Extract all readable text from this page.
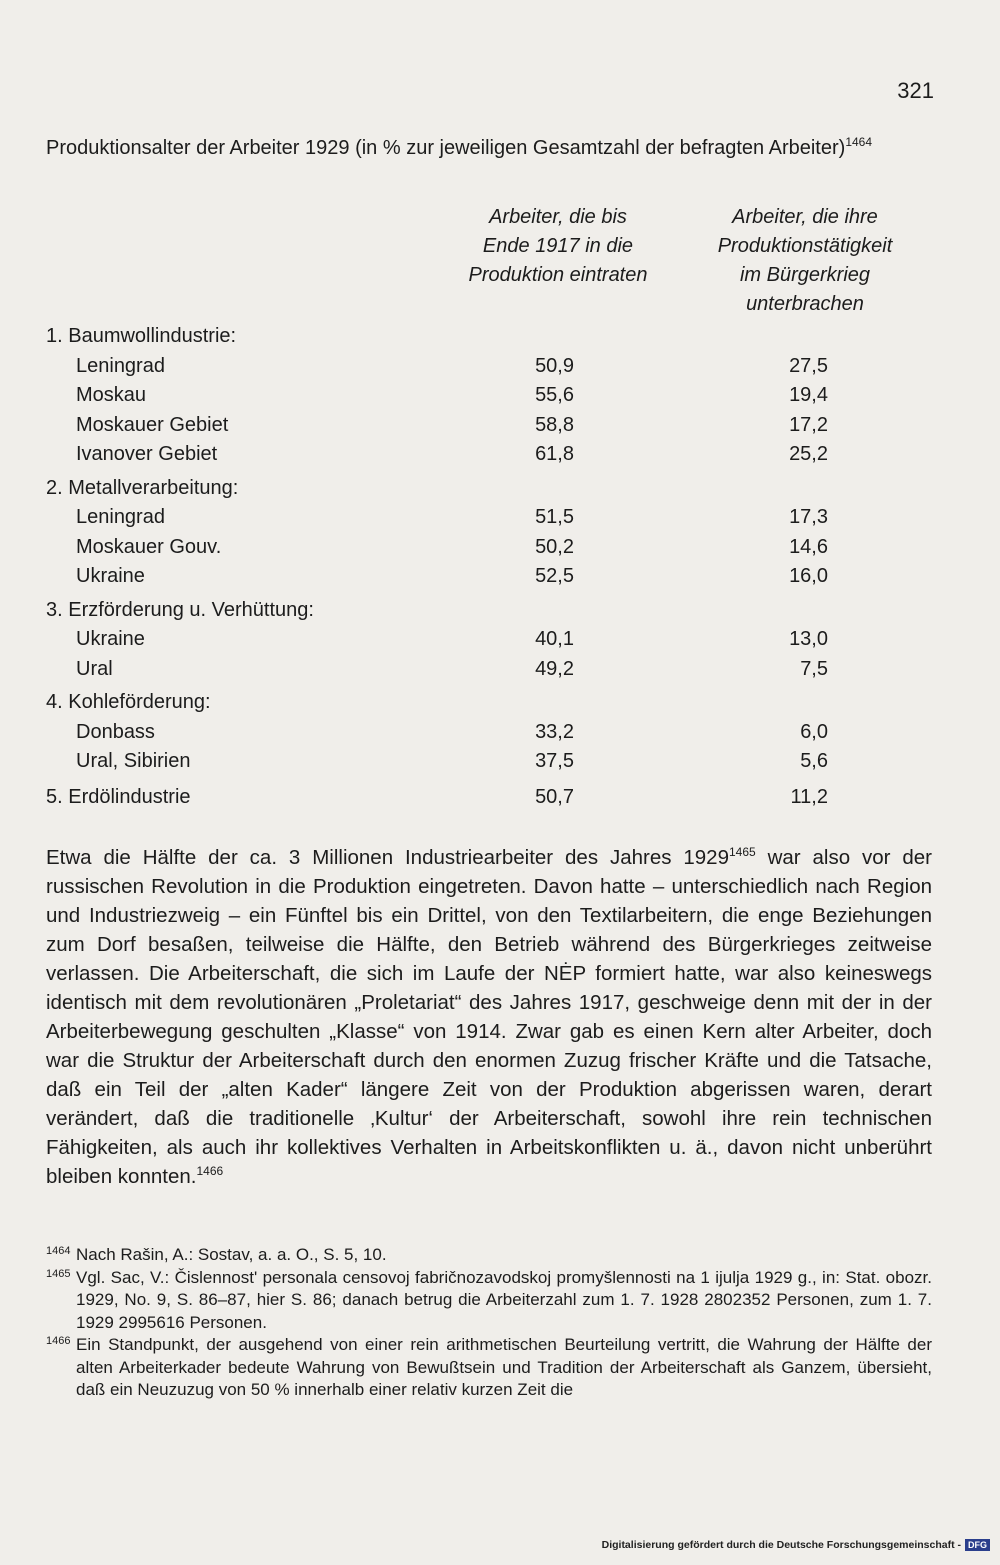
321
Produktionsalter der Arbeiter 1929 (in % zur jeweiligen Gesamtzahl der befragten Arbeiter)$^{1464}$
Arbeiter, die bis
Ende 1917 in die
Produktion eintraten
Arbeiter, die ihre
Produktionstätigkeit
im Bürgerkrieg
unterbrachen
1. Baumwollindustrie:
Leningrad	50,9	27,5
Moskau	55,6	19,4
Moskauer Gebiet	58,8	17,2
Ivanover Gebiet	61,8	25,2
2. Metallverarbeitung:
Leningrad	51,5	17,3
Moskauer Gouv.	50,2	14,6
Ukraine	52,5	16,0
3. Erzförderung u. Verhüttung:
Ukraine	40,1	13,0
Ural	49,2	7,5
4. Kohleförderung:
Donbass	33,2	6,0
Ural, Sibirien	37,5	5,6
5. Erdölindustrie	50,7	11,2
Etwa die Hälfte der ca. 3 Millionen Industriearbeiter des Jahres $1929^{1465}$ war also vor der russischen Revolution in die Produktion eingetreten. Davon hatte – unterschiedlich nach Region und Industriezweig – ein Fünftel bis ein Drittel, von den Textilarbeitern, die enge Beziehungen zum Dorf besaßen, teilweise die Hälfte, den Betrieb während des Bürgerkrieges zeitweise verlassen. Die Arbeiterschaft, die sich im Laufe der NĖP formiert hatte, war also keineswegs identisch mit dem revolutionären „Proletariat“ des Jahres 1917, geschweige denn mit der in der Arbeiterbewegung geschulten „Klasse“ von 1914. Zwar gab es einen Kern alter Arbeiter, doch war die Struktur der Arbeiterschaft durch den enormen Zuzug frischer Kräfte und die Tatsache, daß ein Teil der „alten Kader“ längere Zeit von der Produktion abgerissen waren, derart verändert, daß die traditionelle ‚Kultur‘ der Arbeiterschaft, sowohl ihre rein technischen Fähigkeiten, als auch ihr kollektives Verhalten in Arbeitskonflikten u. ä., davon nicht unberührt bleiben konnten.$^{1466}$
1464 Nach Rašin, A.: Sostav, a. a. O., S. 5, 10.
1465 Vgl. Sac, V.: Čislennost' personala censovoj fabričnozavodskoj promyšlennosti na 1 ijulja 1929 g., in: Stat. obozr. 1929, No. 9, S. 86–87, hier S. 86; danach betrug die Arbeiterzahl zum 1. 7. 1928 2802352 Personen, zum 1. 7. 1929 2995616 Personen.
1466 Ein Standpunkt, der ausgehend von einer rein arithmetischen Beurteilung vertritt, die Wahrung der Hälfte der alten Arbeiterkader bedeute Wahrung von Bewußtsein und Tradition der Arbeiterschaft als Ganzem, übersieht, daß ein Neuzuzug von 50 % innerhalb einer relativ kurzen Zeit die
Digitalisierung gefördert durch die Deutsche Forschungsgemeinschaft - DFG
